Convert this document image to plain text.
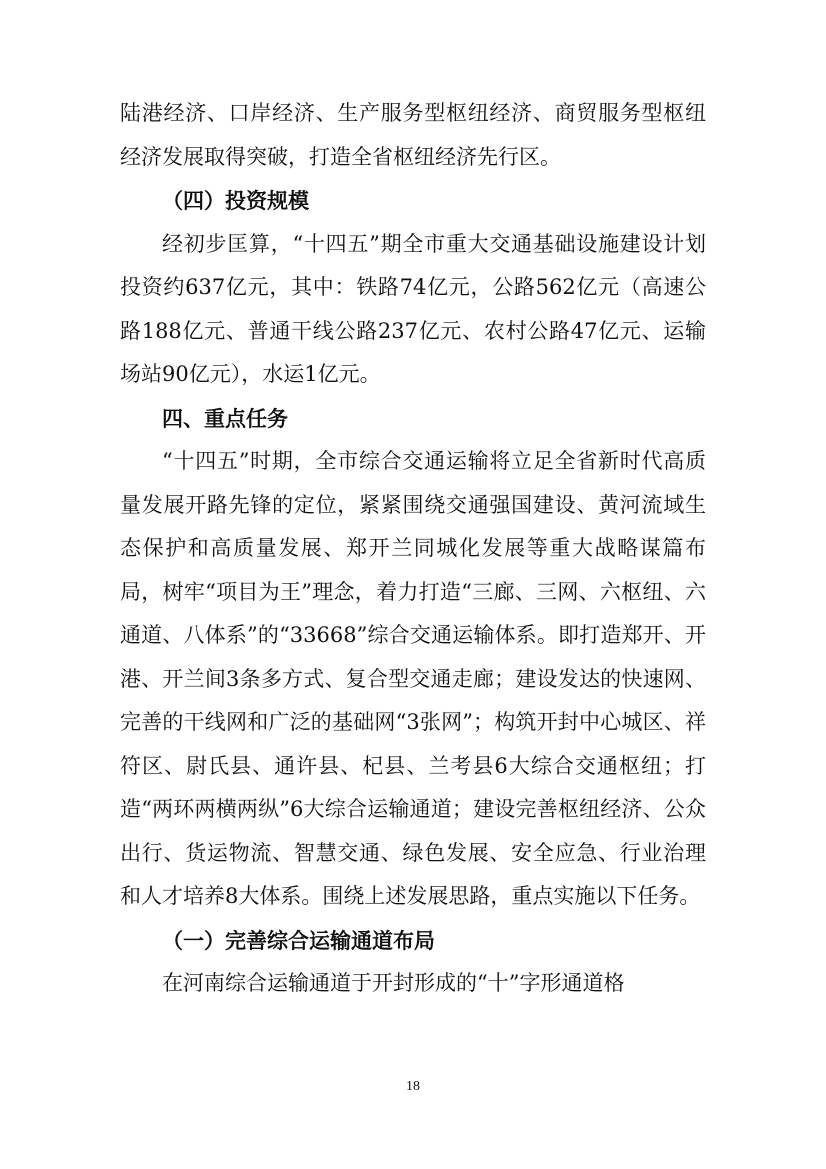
陆港经济、口岸经济、生产服务型枢纽经济、商贸服务型枢纽经济发展取得突破，打造全省枢纽经济先行区。

（四）投资规模

经初步匡算，“十四五”期全市重大交通基础设施建设计划投资约637亿元，其中：铁路74亿元，公路562亿元（高速公路188亿元、普通干线公路237亿元、农村公路47亿元、运输场站90亿元），水运1亿元。

四、重点任务

“十四五”时期，全市综合交通运输将立足全省新时代高质量发展开路先锋的定位，紧紧围绕交通强国建设、黄河流域生态保护和高质量发展、郑开兰同城化发展等重大战略谋篇布局，树牢“项目为王”理念，着力打造“三廊、三网、六枢纽、六通道、八体系”的“33668”综合交通运输体系。即打造郑开、开港、开兰间3条多方式、复合型交通走廊；建设发达的快速网、完善的干线网和广泛的基础网“3张网”；构筑开封中心城区、祥符区、尉氏县、通许县、杞县、兰考县6大综合交通枢纽；打造“两环两横两纵”6大综合运输通道；建设完善枢纽经济、公众出行、货运物流、智慧交通、绿色发展、安全应急、行业治理和人才培养8大体系。围绕上述发展思路，重点实施以下任务。

（一）完善综合运输通道布局

在河南综合运输通道于开封形成的“十”字形通道格

18
